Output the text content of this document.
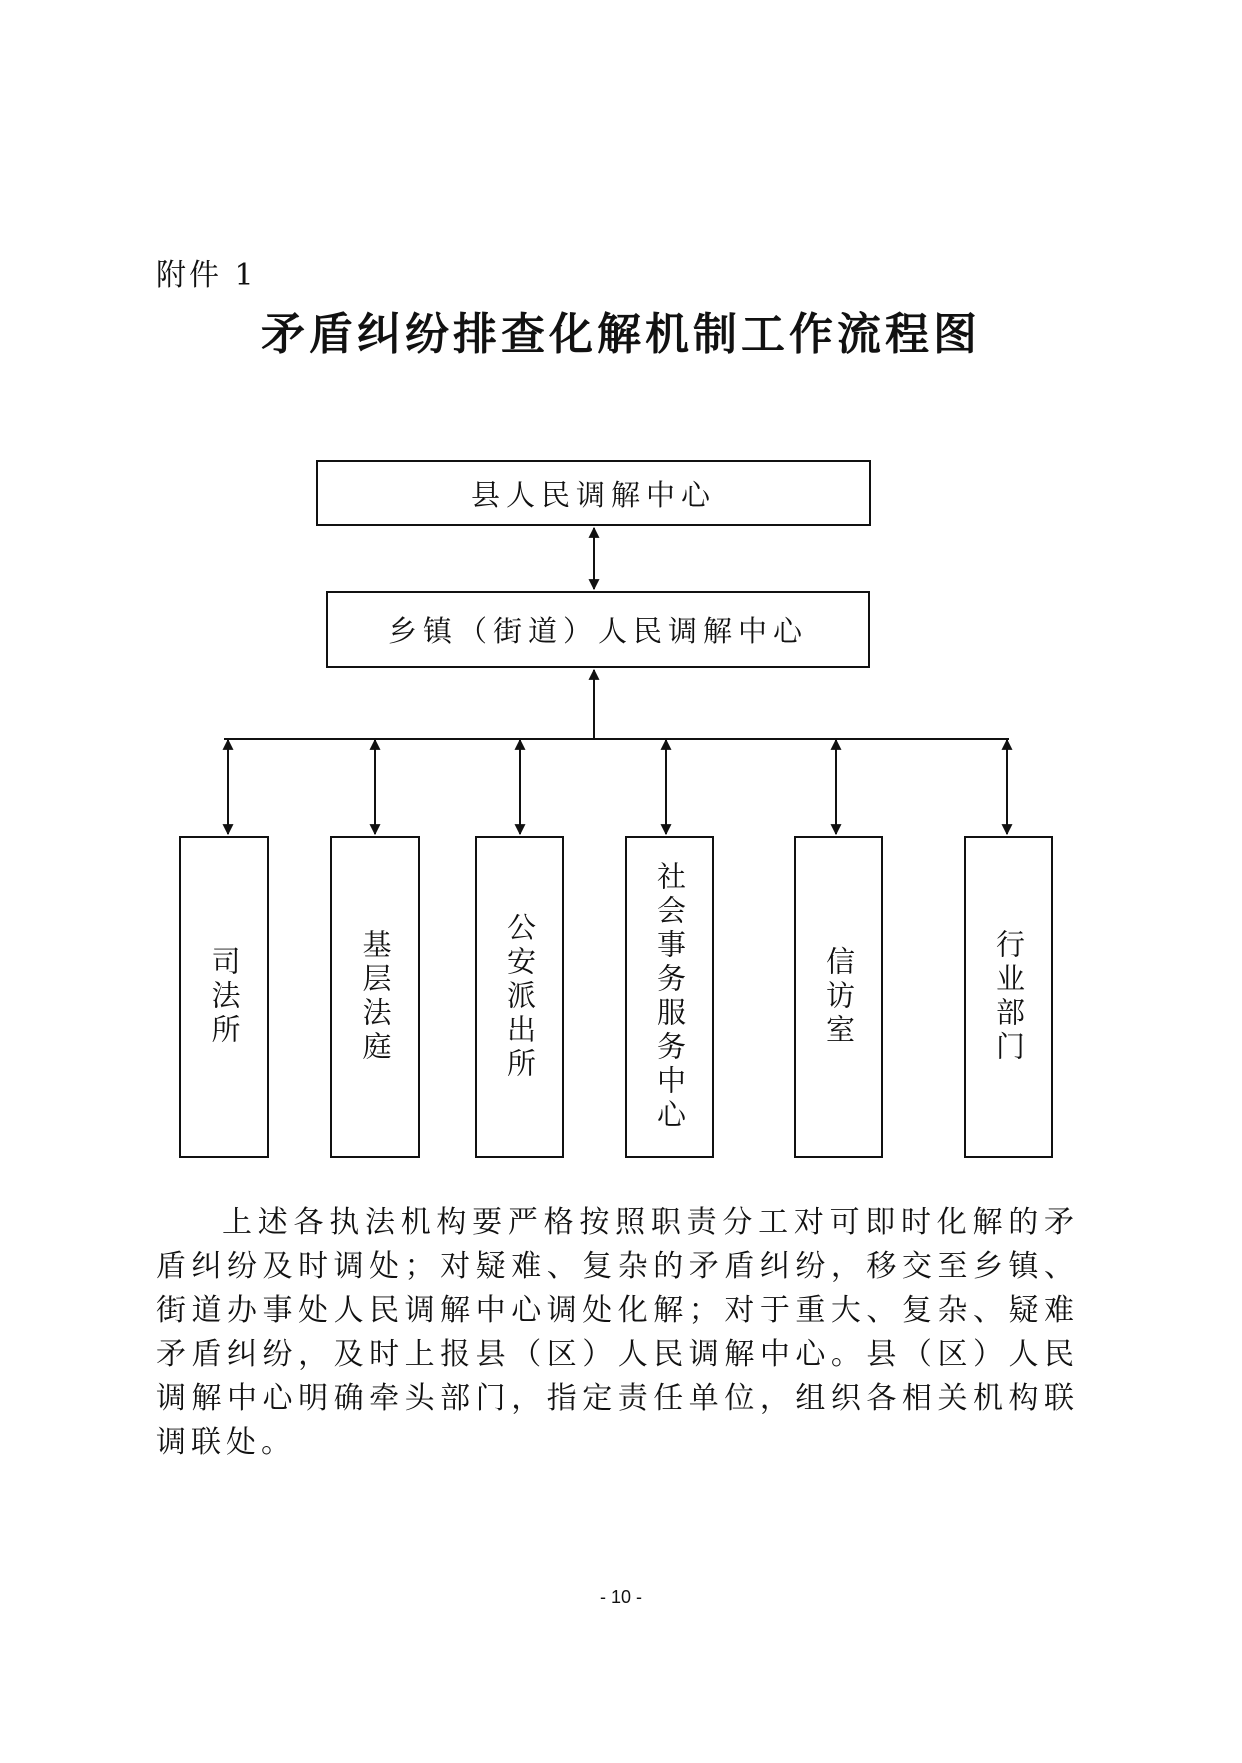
附件 1
矛盾纠纷排查化解机制工作流程图
县人民调解中心
乡镇（街道）人民调解中心
司法所	基层法庭	公安派出所	社会事务服务中心	信访室	行业部门

上述各执法机构要严格按照职责分工对可即时化解的矛盾纠纷及时调处；对疑难、复杂的矛盾纠纷，移交至乡镇、街道办事处人民调解中心调处化解；对于重大、复杂、疑难矛盾纠纷，及时上报县（区）人民调解中心。县（区）人民调解中心明确牵头部门，指定责任单位，组织各相关机构联调联处。

- 10 -
